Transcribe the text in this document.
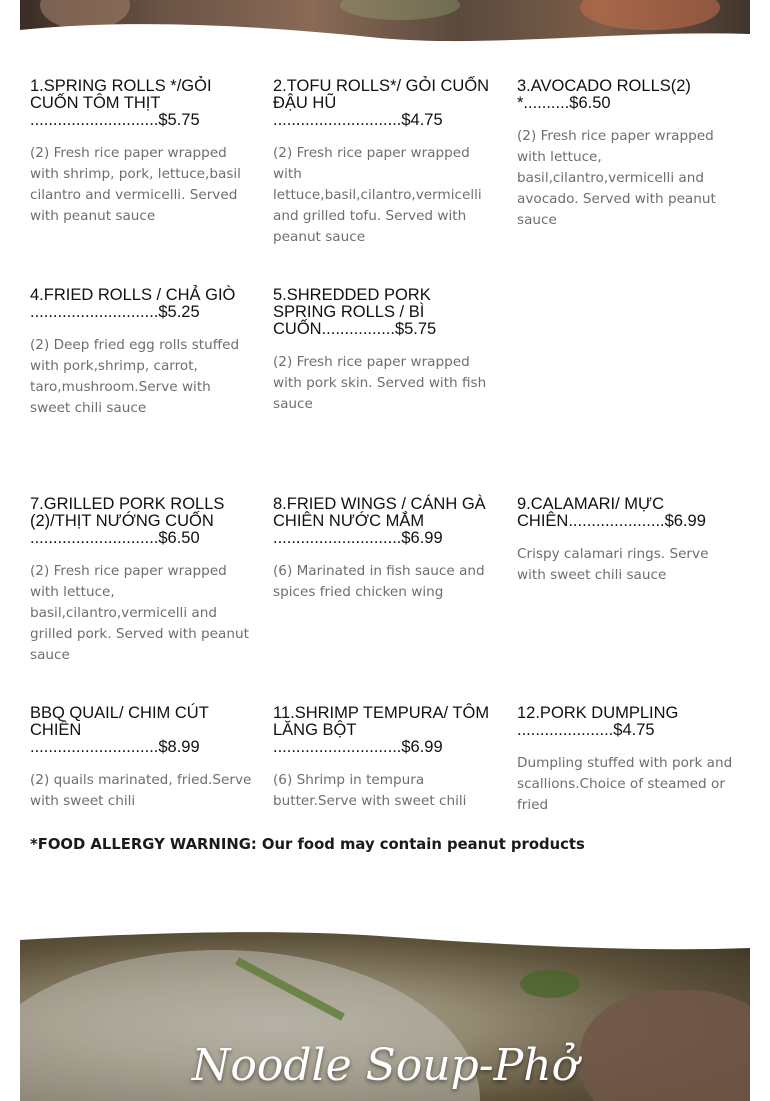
1.SPRING ROLLS */GỎI CUỐN TÔM THỊT
............................$5.75

(2) Fresh rice paper wrapped with shrimp, pork, lettuce,basil cilantro and vermicelli. Served with peanut sauce

2.TOFU ROLLS*/ GỎI CUỐN ĐẬU HŨ
............................$4.75

(2) Fresh rice paper wrapped with lettuce,basil,cilantro,vermicelli and grilled tofu. Served with peanut sauce

3.AVOCADO ROLLS(2)
*..........$6.50

(2) Fresh rice paper wrapped with lettuce, basil,cilantro,vermicelli and avocado. Served with peanut sauce

4.FRIED ROLLS / CHẢ GIÒ
............................$5.25

(2) Deep fried egg rolls stuffed with pork,shrimp, carrot, taro,mushroom.Serve with sweet chili sauce

5.SHREDDED PORK SPRING ROLLS / BÌ CUỐN................$5.75

(2) Fresh rice paper wrapped with pork skin. Served with fish sauce

7.GRILLED PORK ROLLS (2)/THỊT NƯỚNG CUỐN
............................$6.50

(2) Fresh rice paper wrapped with lettuce, basil,cilantro,vermicelli and grilled pork. Served with peanut sauce

8.FRIED WINGS / CÁNH GÀ CHIÊN NƯỚC MẮM
............................$6.99

(6) Marinated in fish sauce and spices fried chicken wing

9.CALAMARI/ MỰC CHIÊN.....................$6.99

Crispy calamari rings. Serve with sweet chili sauce

BBQ QUAIL/ CHIM CÚT CHIÊN
............................$8.99

(2) quails marinated, fried.Serve with sweet chili

11.SHRIMP TEMPURA/ TÔM LĂNG BỘT
............................$6.99

(6) Shrimp in tempura butter.Serve with sweet chili

12.PORK DUMPLING
.....................$4.75

Dumpling stuffed with pork and scallions.Choice of steamed or fried

*FOOD ALLERGY WARNING: Our food may contain peanut products
Noodle Soup-Phở
